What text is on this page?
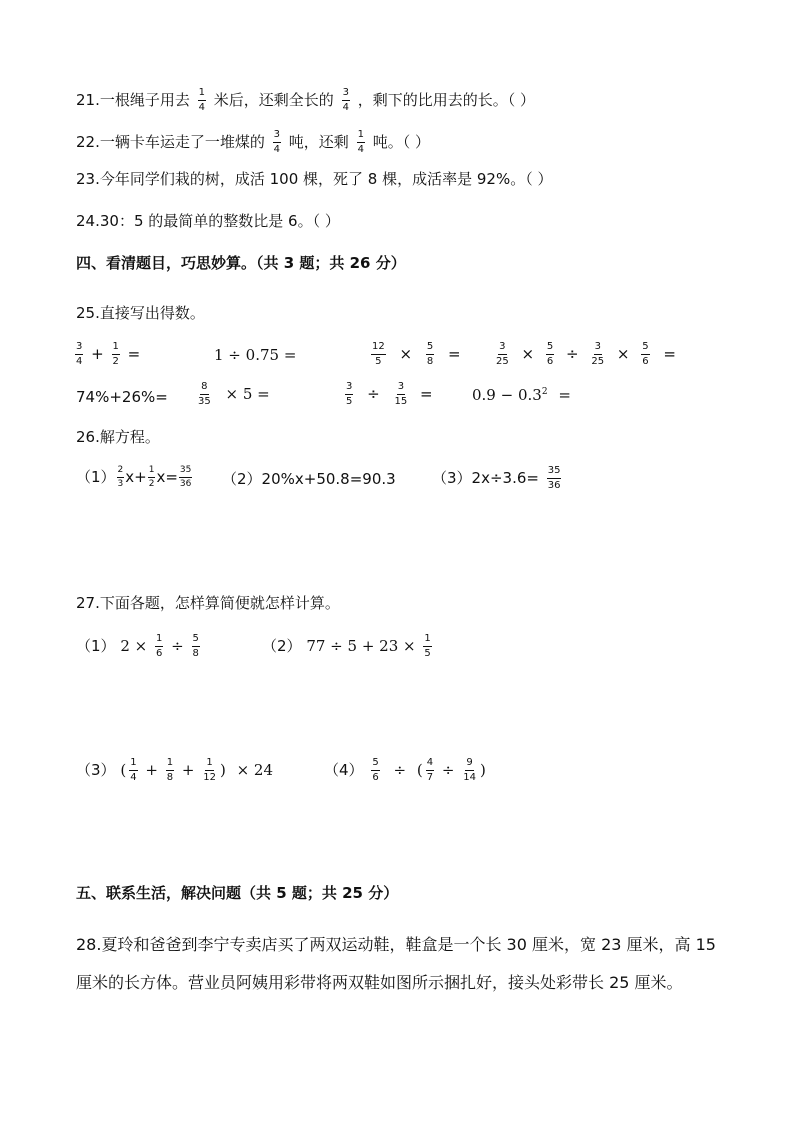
21.一根绳子用去 $\frac{1}{4}$ 米后，还剩全长的 $\frac{3}{4}$ ，剩下的比用去的长。（ ）
22.一辆卡车运走了一堆煤的 $\frac{3}{4}$ 吨，还剩 $\frac{1}{4}$ 吨。（ ）
23.今年同学们栽的树，成活 100 棵，死了 8 棵，成活率是 92%。（ ）
24.30：5 的最简单的整数比是 6。（ ）
四、看清题目，巧思妙算。（共 3 题；共 26 分）
25.直接写出得数。
$\frac{3}{4} + \frac{1}{2}$ =	1 ÷ 0.75 =	$\frac{12}{5} \times \frac{5}{8}$ =	$\frac{3}{25} \times \frac{5}{6} \div \frac{3}{25} \times \frac{5}{6}$ =
74%+26%=	$\frac{8}{35} \times 5$ =	$\frac{3}{5} \div \frac{3}{15}$ =	$0.9 - 0.3^2$ =
26.解方程。
$(1) \frac{2}{3} x+ \frac{1}{2} x= \frac{35}{36} (2)20\%x+50.8=90.3$ $(3)2x\div 3.6= \frac{35}{36}$
27.下面各题，怎样算简便就怎样计算。
（1） $2 \times \frac{1}{6} \div \frac{5}{8}$	（2） $77 \div 5 + 23 \times \frac{1}{5}$
（3） ( $\frac{1}{4} + \frac{1}{8} + \frac{1}{12}$ ) × 24	$(4) \frac{5}{6}$ ÷ ( $\frac{4}{7} \div \frac{9}{14}$ )
五、联系生活，解决问题（共 5 题；共 25 分）
28.夏玲和爸爸到李宁专卖店买了两双运动鞋，鞋盒是一个长 30 厘米，宽 23 厘米，高 15 厘米的长方体。营业员阿姨用彩带将两双鞋如图所示捆扎好，接头处彩带长 25 厘米。
